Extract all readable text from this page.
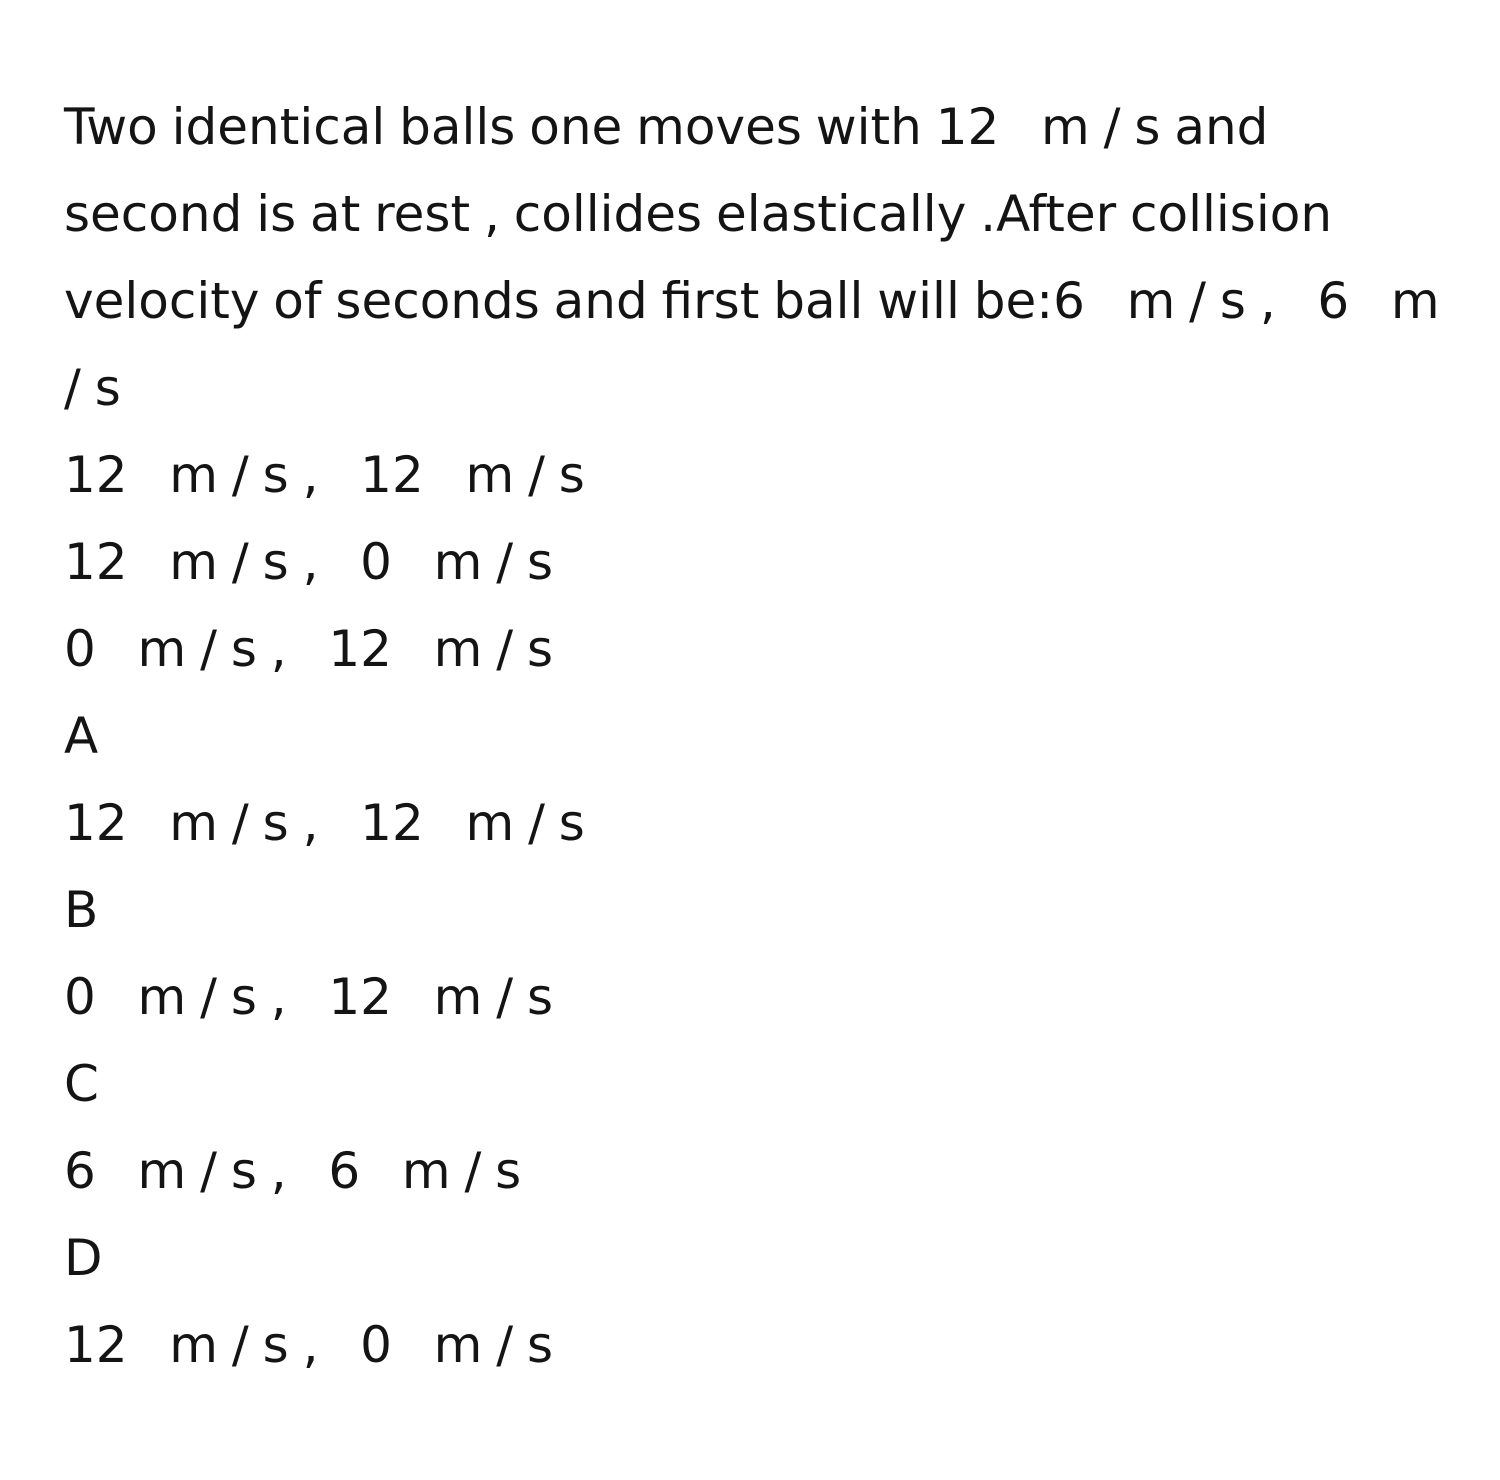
Two identical balls one moves with 12   m / s and second is at rest , collides elastically .After collision velocity of seconds and first ball will be:6   m / s ,   6   m / s

12   m / s ,   12   m / s

12   m / s ,   0   m / s

0   m / s ,   12   m / s

A

12   m / s ,   12   m / s

B

0   m / s ,   12   m / s

C

6   m / s ,   6   m / s

D

12   m / s ,   0   m / s
